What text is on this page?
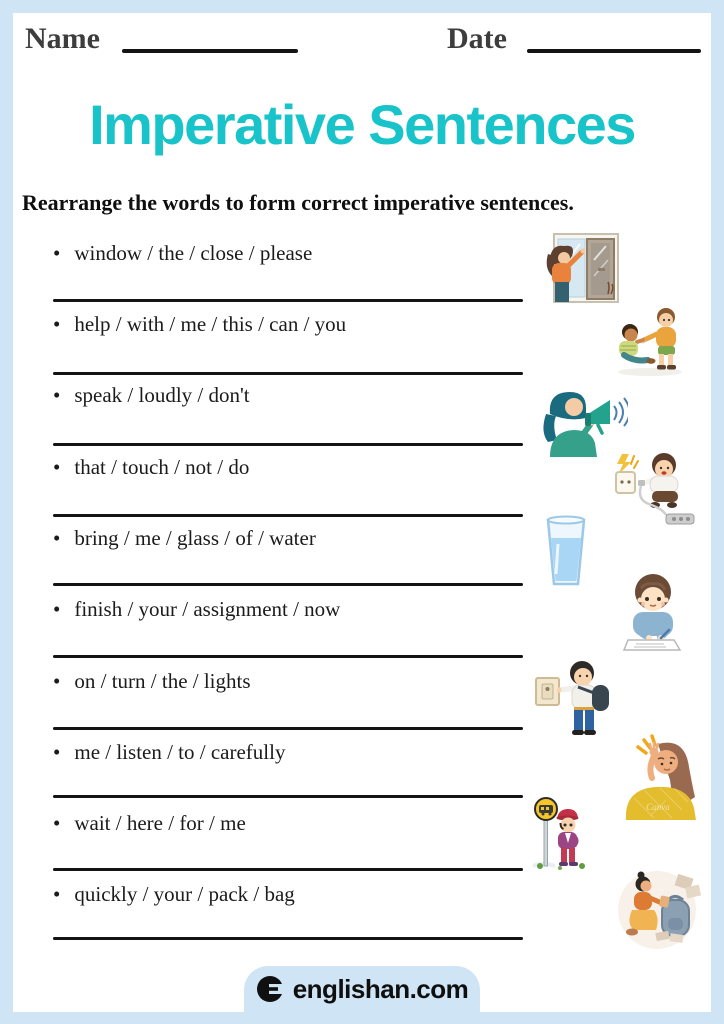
Name	Date
Imperative Sentences
Rearrange the words to form correct imperative sentences.
• window / the / close / please
• help / with / me / this / can / you
• speak / loudly / don't
• that / touch / not / do
• bring / me / glass / of / water
• finish / your / assignment / now
• on / turn / the / lights
• me / listen / to / carefully
• wait / here / for / me
• quickly / your / pack / bag
Canva
englishan.com
